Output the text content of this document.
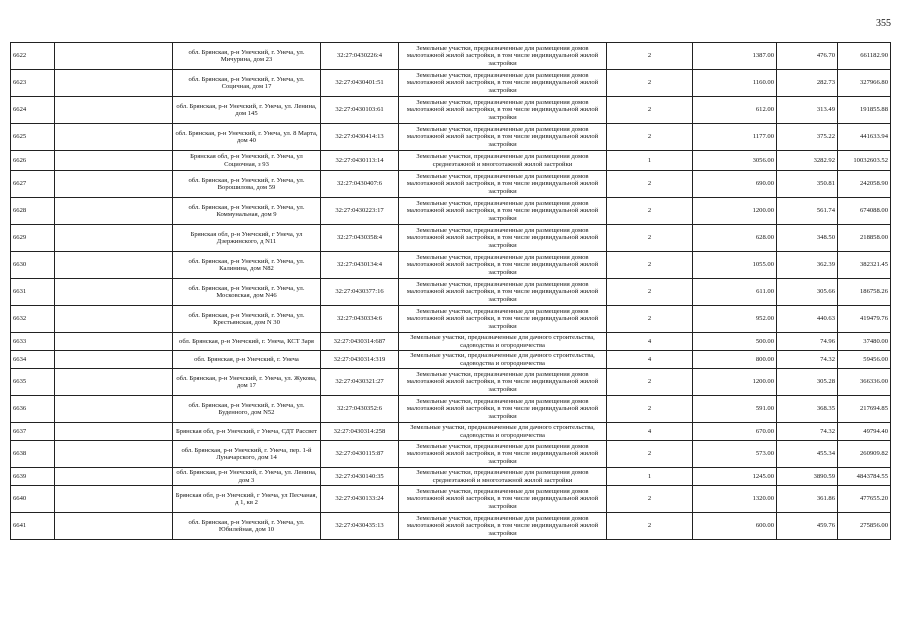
355
6622		обл. Брянская, р-н Унечский, г. Унеча, ул. Мичурина, дом 23	32:27:0430226:4	Земельные участки, предназначенные для размещения домов малоэтажной жилой застройки, в том числе индивидуальной жилой застройки	2	1387.00	476.70	661182.90
6623		обл. Брянская, р-н Унечский, г. Унеча, ул. Социчная, дом 17	32:27:0430401:51	Земельные участки, предназначенные для размещения домов малоэтажной жилой застройки, в том числе индивидуальной жилой застройки	2	1160.00	282.73	327966.80
6624		обл. Брянская, р-н Унечский, г. Унеча, ул. Ленина, дом 145	32:27:0430103:61	Земельные участки, предназначенные для размещения домов малоэтажной жилой застройки, в том числе индивидуальной жилой застройки	2	612.00	313.49	191855.88
6625		обл. Брянская, р-н Унечский, г. Унеча, ул. 8 Марта, дом 40	32:27:0430414:13	Земельные участки, предназначенные для размещения домов малоэтажной жилой застройки, в том числе индивидуальной жилой застройки	2	1177.00	375.22	441633.94
6626		Брянская обл, р-н Унечский, г. Унеча, ул Социочная, з 93	32:27:0430113:14	Земельные участки, предназначенные для размещения домов среднеэтажной и многоэтажной жилой застройки	1	3056.00	3282.92	10032603.52
6627		обл. Брянская, р-н Унечский, г. Унеча, ул. Ворошилова, дом 59	32:27:0430407:6	Земельные участки, предназначенные для размещения домов малоэтажной жилой застройки, в том числе индивидуальной жилой застройки	2	690.00	350.81	242058.90
6628		обл. Брянская, р-н Унечский, г. Унеча, ул. Коммунальная, дом 9	32:27:0430223:17	Земельные участки, предназначенные для размещения домов малоэтажной жилой застройки, в том числе индивидуальной жилой застройки	2	1200.00	561.74	674088.00
6629		Брянская обл, р-н Унечский, г Унеча, ул Дзержинского, д N11	32:27:0430358:4	Земельные участки, предназначенные для размещения домов малоэтажной жилой застройки, в том числе индивидуальной жилой застройки	2	628.00	348.50	218858.00
6630		обл. Брянская, р-н Унечский, г. Унеча, ул. Калинина, дом N82	32:27:0430134:4	Земельные участки, предназначенные для размещения домов малоэтажной жилой застройки, в том числе индивидуальной жилой застройки	2	1055.00	362.39	382321.45
6631		обл. Брянская, р-н Унечский, г. Унеча, ул. Московская, дом N46	32:27:0430377:16	Земельные участки, предназначенные для размещения домов малоэтажной жилой застройки, в том числе индивидуальной жилой застройки	2	611.00	305.66	186758.26
6632		обл. Брянская, р-н Унечский, г. Унеча, ул. Крестьянская, дом N 30	32:27:0430334:6	Земельные участки, предназначенные для размещения домов малоэтажной жилой застройки, в том числе индивидуальной жилой застройки	2	952.00	440.63	419479.76
6633		обл. Брянская, р-н Унечский, г. Унеча, КСТ Заря	32:27:0430314:687	Земельные участки, предназначенные для дачного строительства, садоводства и огородничества	4	500.00	74.96	37480.00
6634		обл. Брянская, р-н Унечский, г. Унеча	32:27:0430314:319	Земельные участки, предназначенные для дачного строительства, садоводства и огородничества	4	800.00	74.32	59456.00
6635		обл. Брянская, р-н Унечский, г. Унеча, ул. Жукова, дом 17	32:27:0430321:27	Земельные участки, предназначенные для размещения домов малоэтажной жилой застройки, в том числе индивидуальной жилой застройки	2	1200.00	305.28	366336.00
6636		обл. Брянская, р-н Унечский, г. Унеча, ул. Буденного, дом N52	32:27:0430352:6	Земельные участки, предназначенные для размещения домов малоэтажной жилой застройки, в том числе индивидуальной жилой застройки	2	591.00	368.35	217694.85
6637		Брянская обл, р-н Унечский, г Унеча, СДТ Рассвет	32:27:0430314:258	Земельные участки, предназначенные для дачного строительства, садоводства и огородничества	4	670.00	74.32	49794.40
6638		обл. Брянская, р-н Унечский, г. Унеча, пер. 1-й Луначарского, дом 14	32:27:0430115:87	Земельные участки, предназначенные для размещения домов малоэтажной жилой застройки, в том числе индивидуальной жилой застройки	2	573.00	455.34	260909.82
6639		обл. Брянская, р-н Унечский, г. Унеча, ул. Ленина, дом 3	32:27:0430140:35	Земельные участки, предназначенные для размещения домов среднеэтажной и многоэтажной жилой застройки	1	1245.00	3890.59	4843784.55
6640		Брянская обл, р-н Унечский, г Унеча, ул Песчаная, д 1, кв 2	32:27:0430133:24	Земельные участки, предназначенные для размещения домов малоэтажной жилой застройки, в том числе индивидуальной жилой застройки	2	1320.00	361.86	477655.20
6641		обл. Брянская, р-н Унечский, г. Унеча, ул. Юбилейная, дом 10	32:27:0430435:13	Земельные участки, предназначенные для размещения домов малоэтажной жилой застройки, в том числе индивидуальной жилой застройки	2	600.00	459.76	275856.00
